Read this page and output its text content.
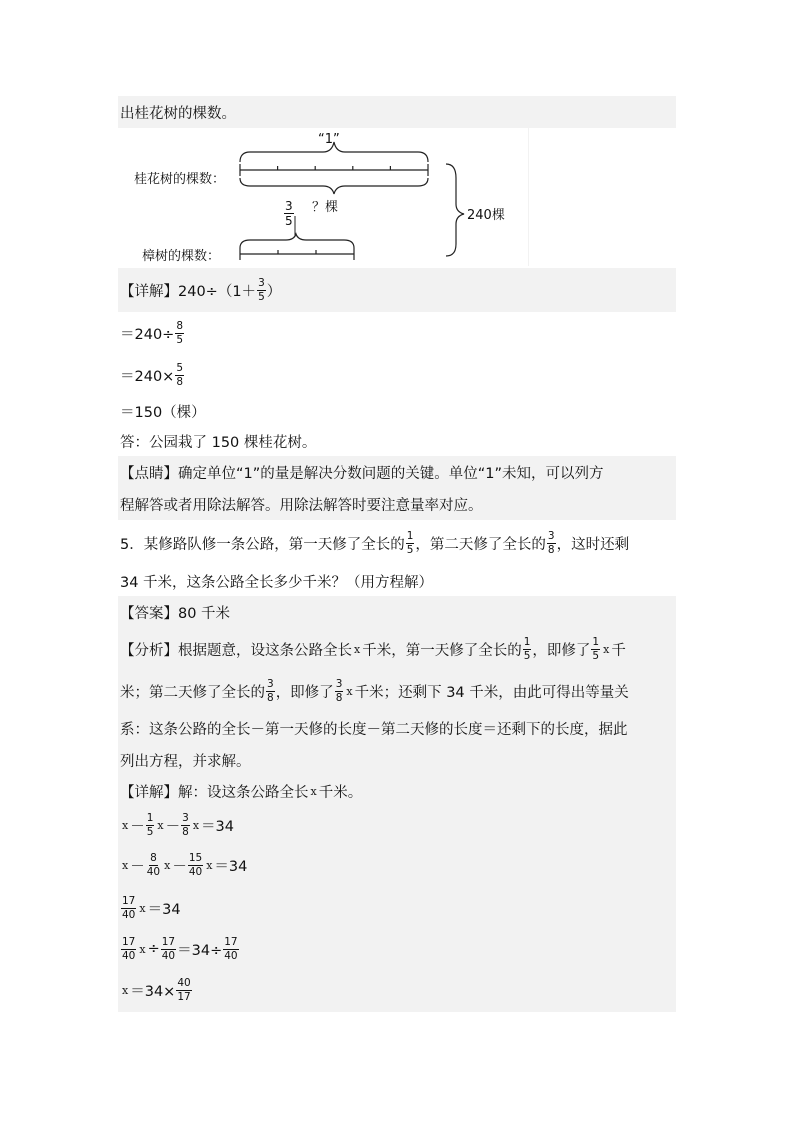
出桂花树的棵数。
“1”
桂花树的棵数：
樟树的棵数：
？棵
240棵
$\frac{3}{5}$
【详解】 $240\div(1+ \frac{3}{5}$ ）
$=240\div \frac{8}{5}$
$=240\times \frac{5}{8}$
＝150（棵）
答：公园栽了 150 棵桂花树。
【点睛】确定单位“1”的量是解决分数问题的关键。单位“1”未知，可以列方
程解答或者用除法解答。用除法解答时要注意量率对应。
5．某修路队修一条公路，第一天修了全长的 $\frac{1}{5}$ ，第二天修了全长的 $\frac{3}{8}$ ，这时还剩
34 千米，这条公路全长多少千米？（用方程解）
【答案】80 千米
【分析】根据题意，设这条公路全长 x 千米，第一天修了全长的 $\frac{1}{5}$ ，即修了 $\frac{1}{5}$ x 千
米；第二天修了全长的 $\frac{3}{8}$ ，即修了 $\frac{3}{8}$ x 千米；还剩下 34 千米，由此可得出等量关
系：这条公路的全长－第一天修的长度－第二天修的长度＝还剩下的长度，据此
列出方程，并求解。
【详解】解：设这条公路全长 x 千米。
$x - \frac{1}{5}$ $x - \frac{3}{8}$ x ＝34
$x - \frac{8}{40}$ $x - \frac{15}{40}$ x ＝34
$\frac{17}{40}$ x ＝34
$\frac{17}{40}$ $x \div \frac{17}{40} =34\div \frac{17}{40}$
$x =34\times \frac{40}{17}$
